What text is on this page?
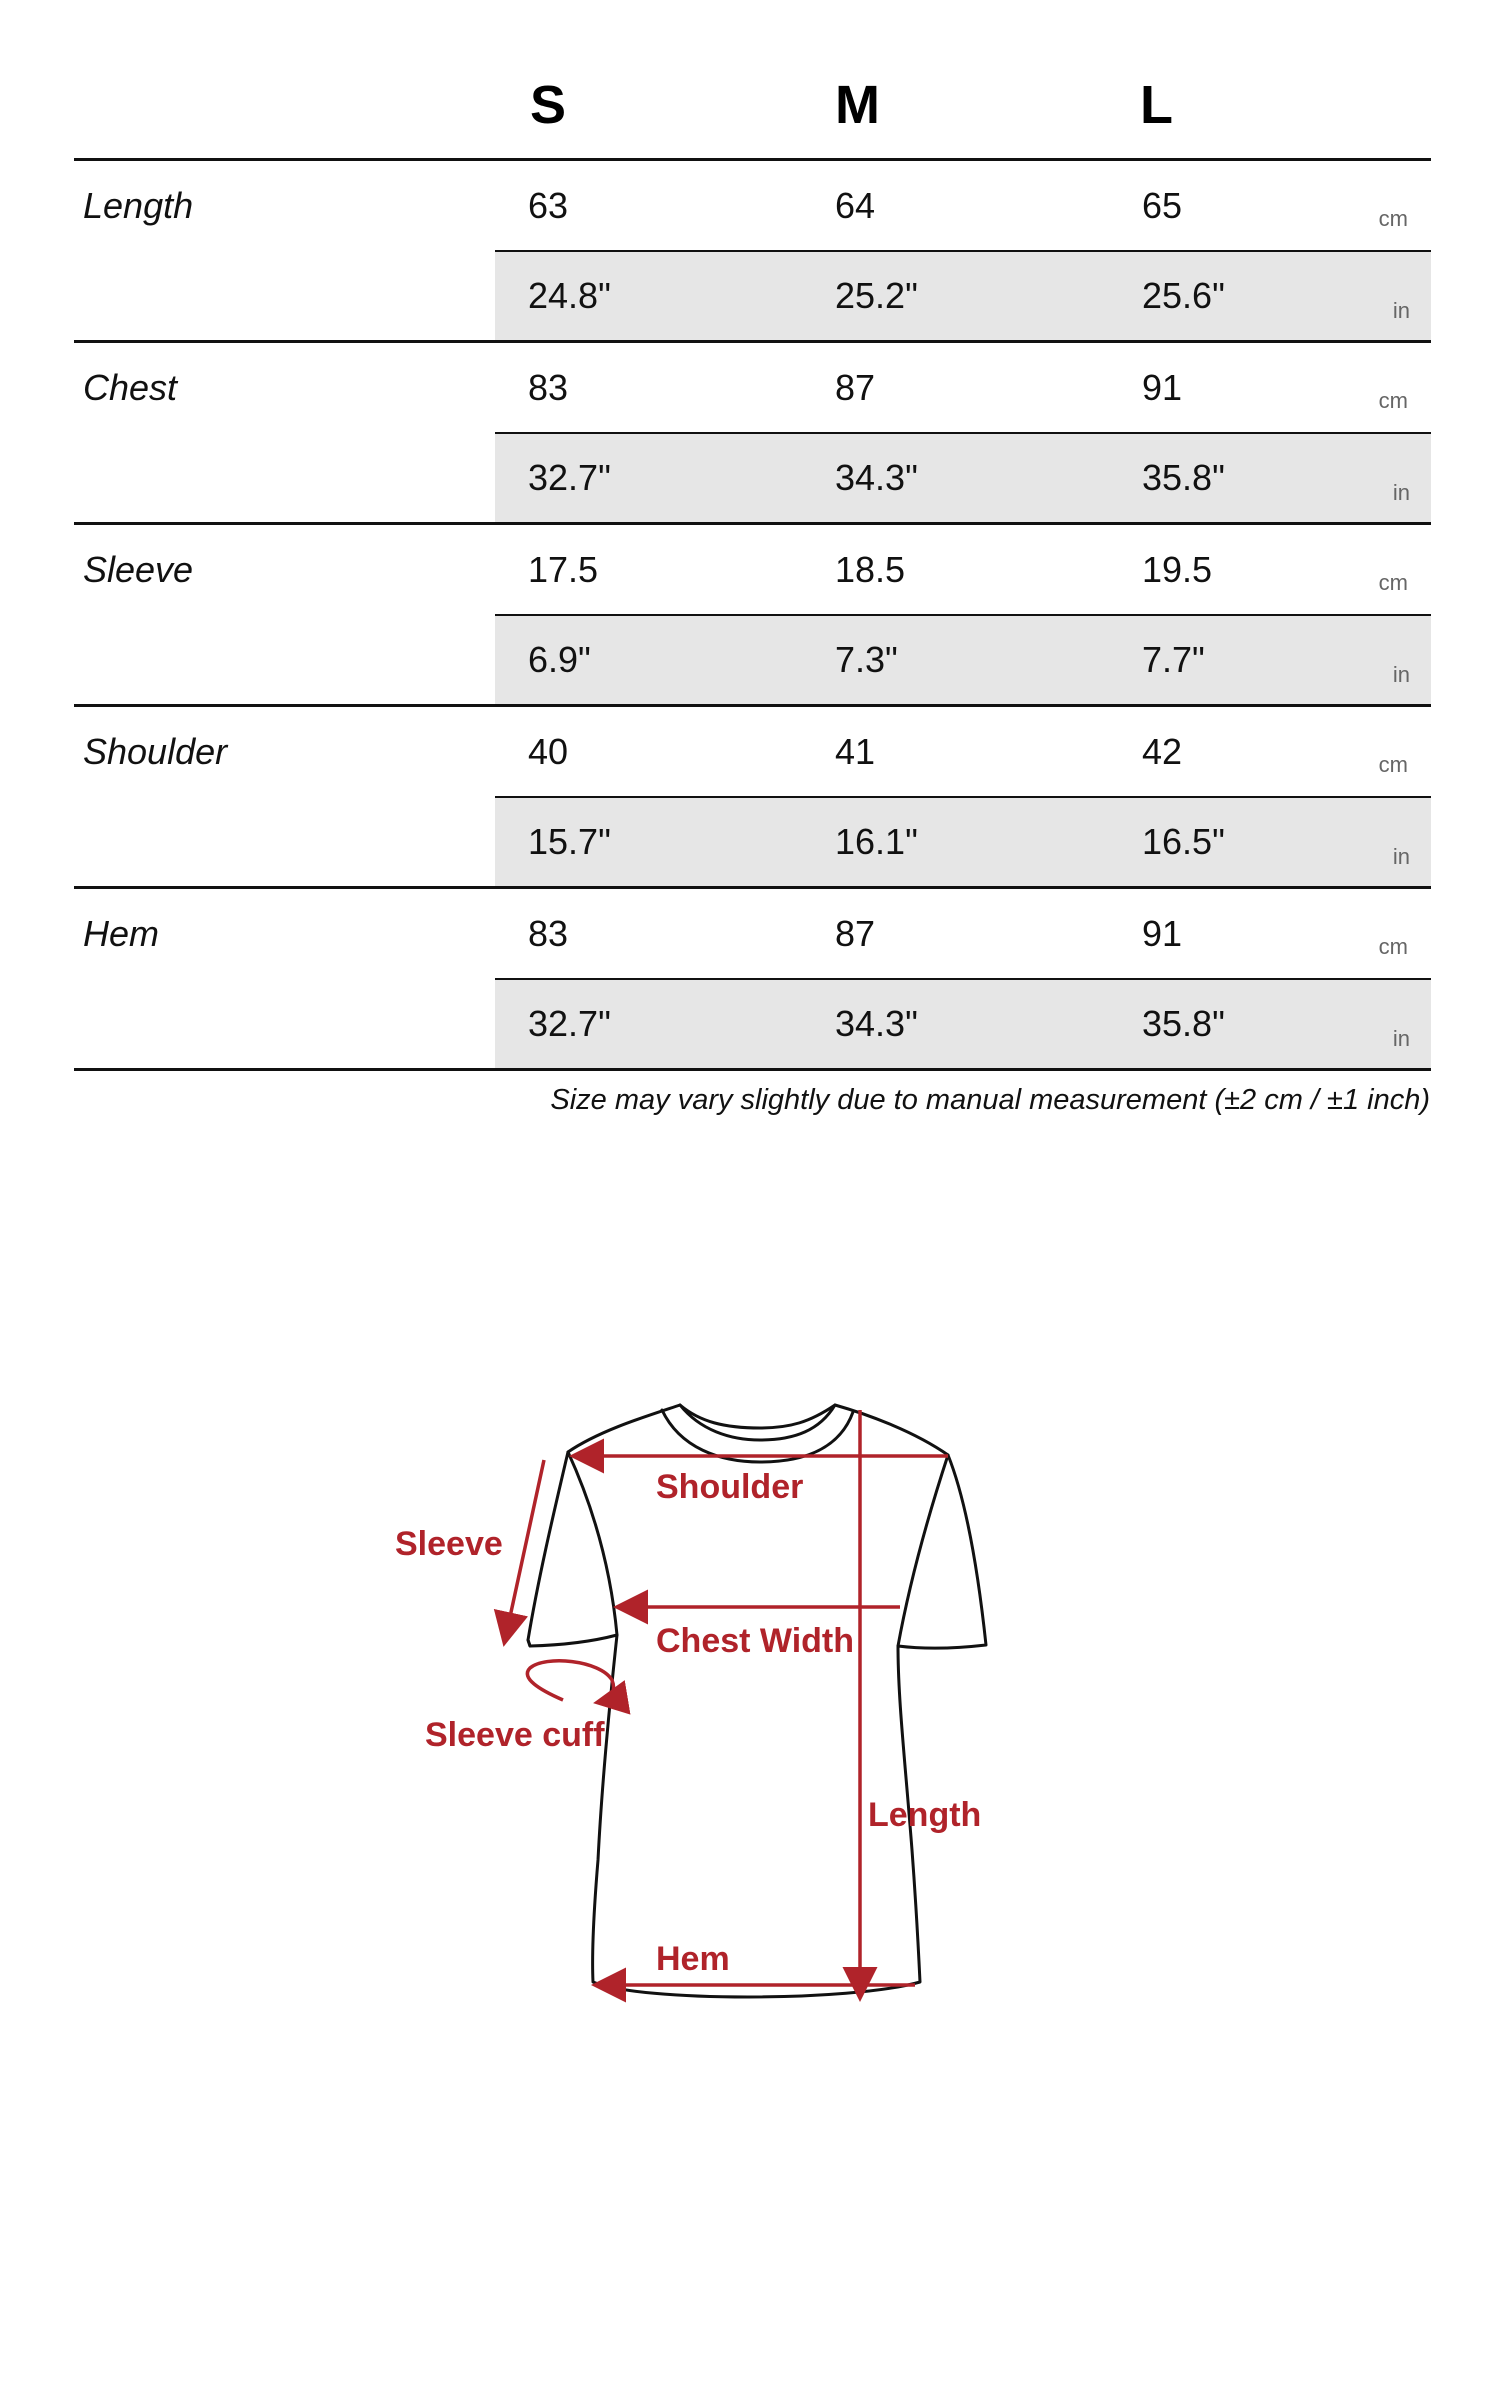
S	M	L
Length	63	64	65	cm
24.8"	25.2"	25.6"	in
Chest	83	87	91	cm
32.7"	34.3"	35.8"	in
Sleeve	17.5	18.5	19.5	cm
6.9"	7.3"	7.7"	in
Shoulder	40	41	42	cm
15.7"	16.1"	16.5"	in
Hem	83	87	91	cm
32.7"	34.3"	35.8"	in
Size may vary slightly due to manual measurement (±2 cm / ±1 inch)
Sleeve
Shoulder
Chest Width
Sleeve cuff
Length
Hem
